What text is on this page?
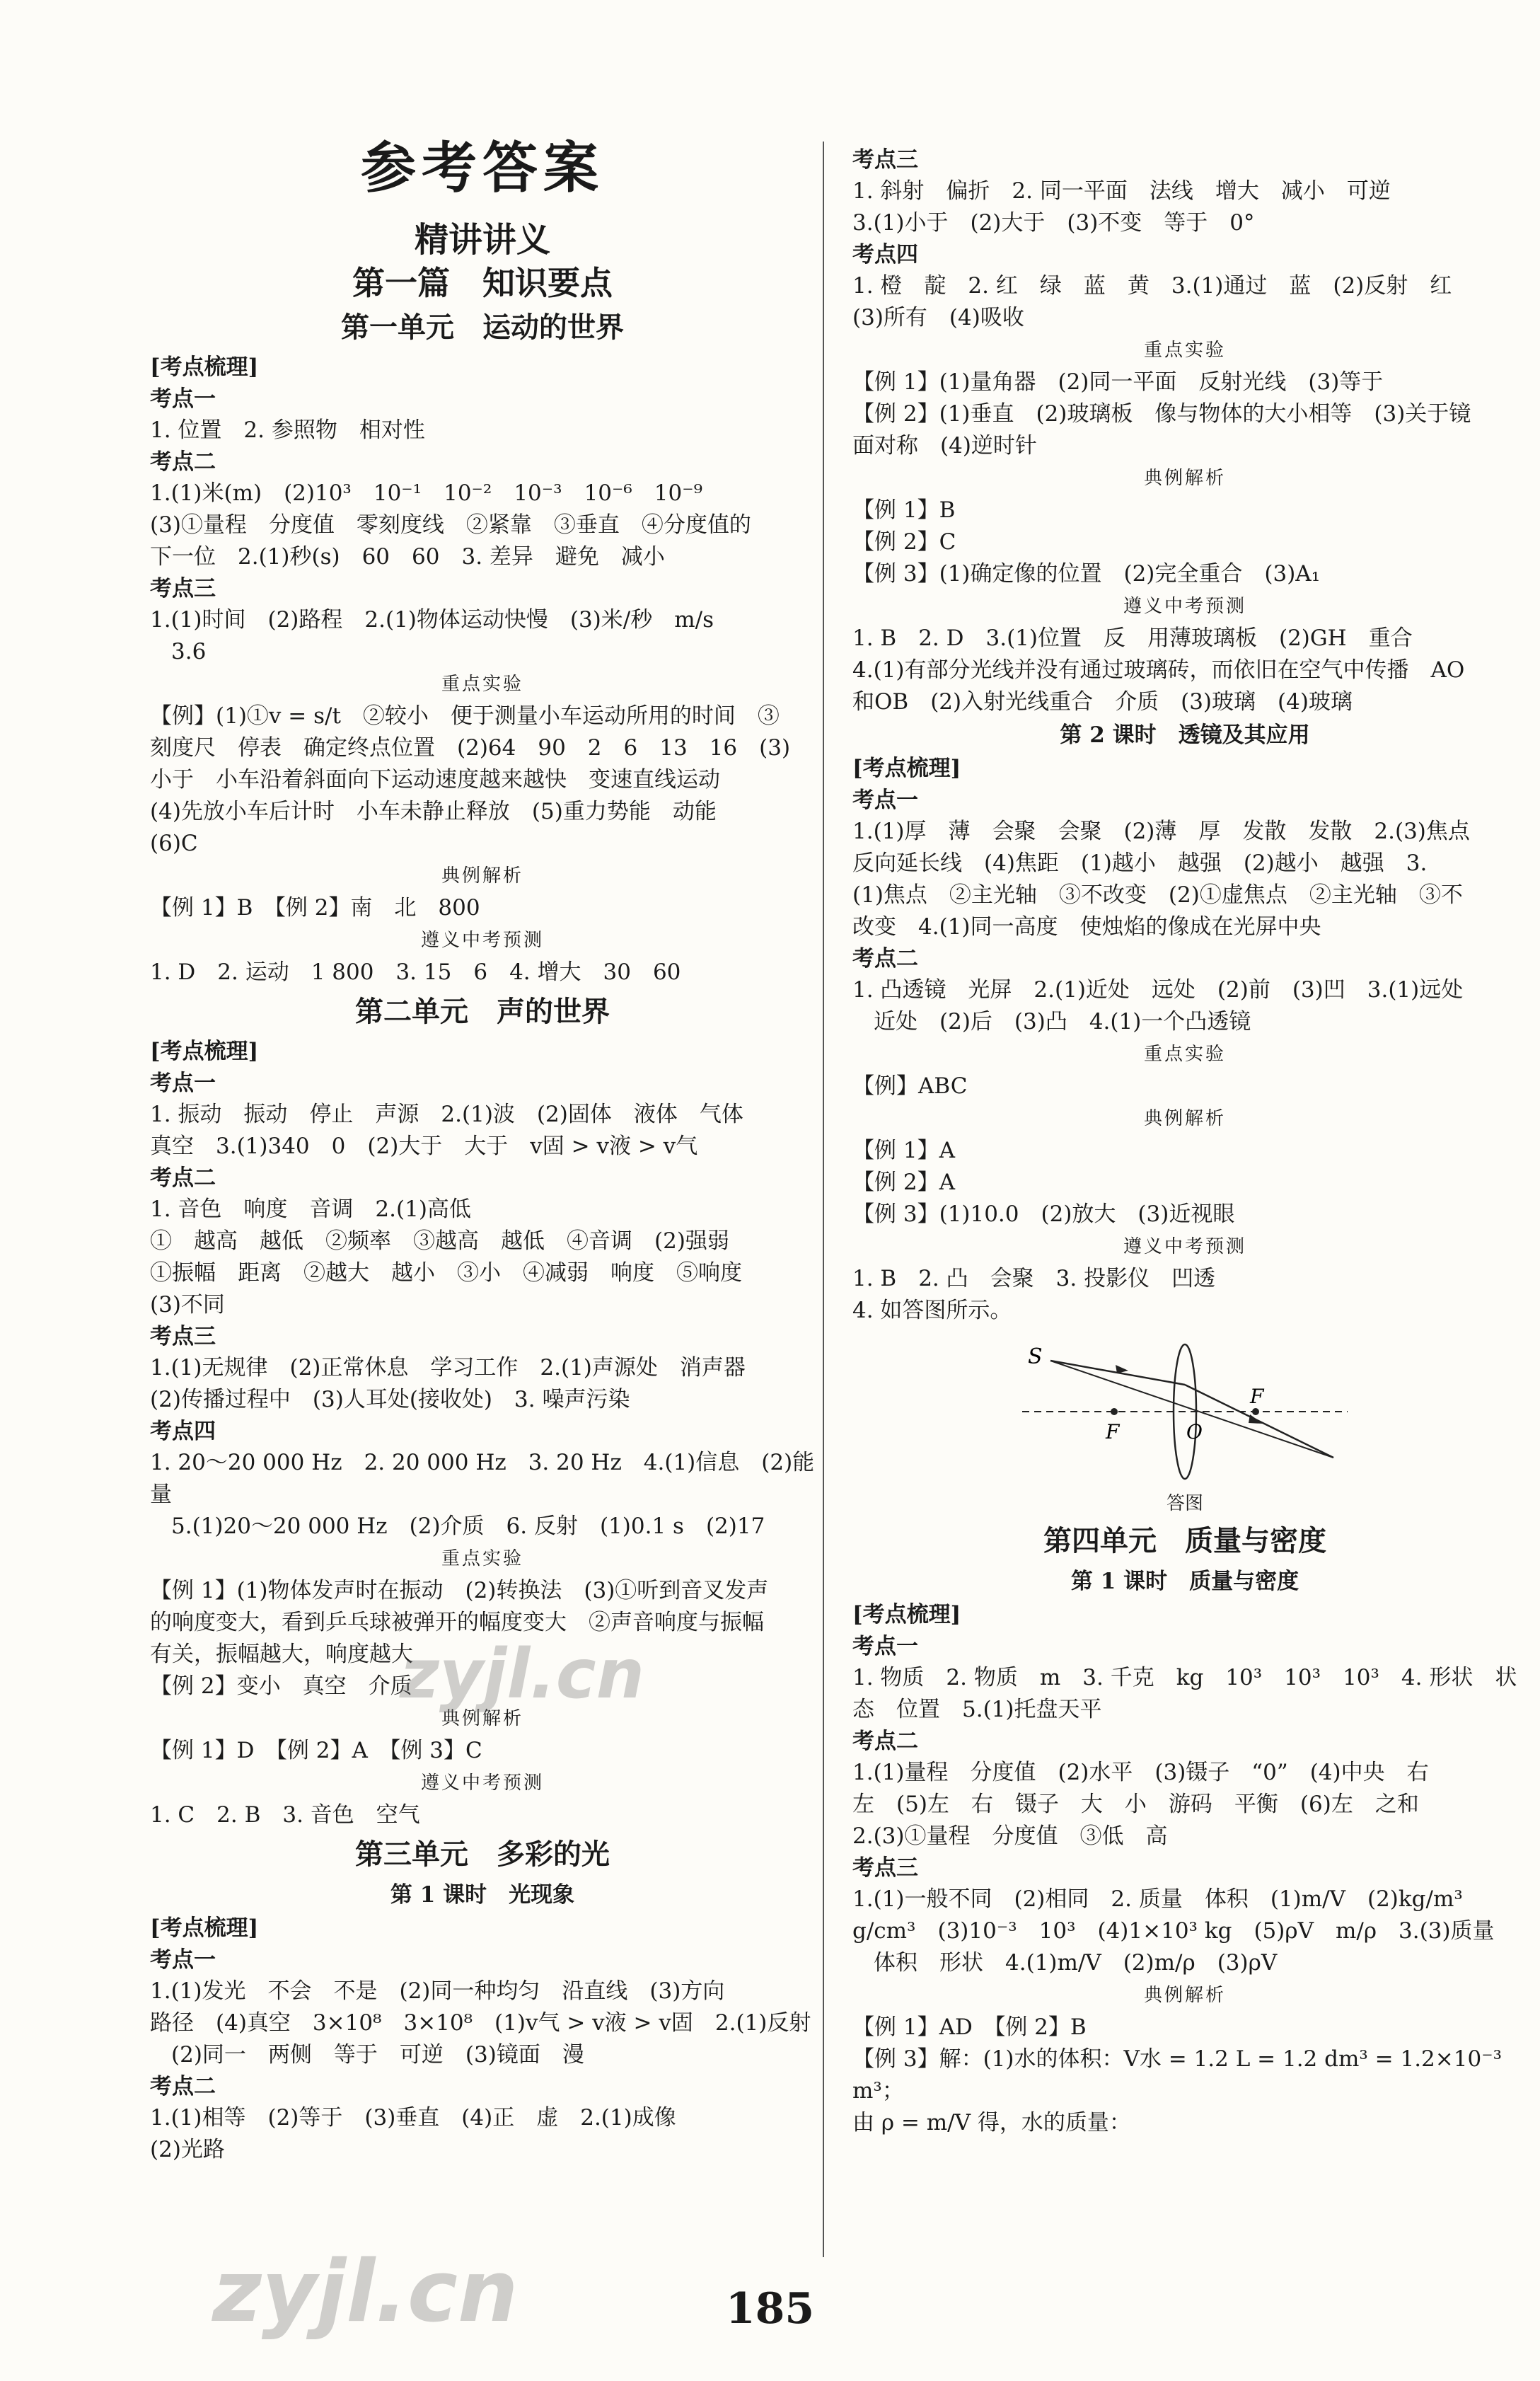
参考答案
精讲讲义
第一篇　知识要点
第一单元　运动的世界
[考点梳理]
考点一
1. 位置　2. 参照物　相对性
考点二
1.(1)米(m)　(2)10³　10⁻¹　10⁻²　10⁻³　10⁻⁶　10⁻⁹
(3)①量程　分度值　零刻度线　②紧靠　③垂直　④分度值的
下一位　2.(1)秒(s)　60　60　3. 差异　避免　减小
考点三
1.(1)时间　(2)路程　2.(1)物体运动快慢　(3)米/秒　m/s
3.6
重点实验
【例】(1)①v = s/t　②较小　便于测量小车运动所用的时间　③
刻度尺　停表　确定终点位置　(2)64　90　2　6　13　16　(3)
小于　小车沿着斜面向下运动速度越来越快　变速直线运动
(4)先放小车后计时　小车未静止释放　(5)重力势能　动能
(6)C
典例解析
【例 1】B　【例 2】南　北　800
遵义中考预测
1. D　2. 运动　1 800　3. 15　6　4. 增大　30　60
第二单元　声的世界
[考点梳理]
考点一
1. 振动　振动　停止　声源　2.(1)波　(2)固体　液体　气体
真空　3.(1)340　0　(2)大于　大于　v固 > v液 > v气
考点二
1. 音色　响度　音调　2.(1)高低
①　越高　越低　②频率　③越高　越低　④音调　(2)强弱
①振幅　距离　②越大　越小　③小　④减弱　响度　⑤响度
(3)不同
考点三
1.(1)无规律　(2)正常休息　学习工作　2.(1)声源处　消声器
(2)传播过程中　(3)人耳处(接收处)　3. 噪声污染
考点四
1. 20～20 000 Hz　2. 20 000 Hz　3. 20 Hz　4.(1)信息　(2)能量
5.(1)20～20 000 Hz　(2)介质　6. 反射　(1)0.1 s　(2)17
重点实验
【例 1】(1)物体发声时在振动　(2)转换法　(3)①听到音叉发声
的响度变大，看到乒乓球被弹开的幅度变大　②声音响度与振幅
有关，振幅越大，响度越大
【例 2】变小　真空　介质
典例解析
【例 1】D　【例 2】A　【例 3】C
遵义中考预测
1. C　2. B　3. 音色　空气
第三单元　多彩的光
第 1 课时　光现象
[考点梳理]
考点一
1.(1)发光　不会　不是　(2)同一种均匀　沿直线　(3)方向
路径　(4)真空　3×10⁸　3×10⁸　(1)v气 > v液 > v固　2.(1)反射
(2)同一　两侧　等于　可逆　(3)镜面　漫
考点二
1.(1)相等　(2)等于　(3)垂直　(4)正　虚　2.(1)成像
(2)光路
考点三
1. 斜射　偏折　2. 同一平面　法线　增大　减小　可逆
3.(1)小于　(2)大于　(3)不变　等于　0°
考点四
1. 橙　靛　2. 红　绿　蓝　黄　3.(1)通过　蓝　(2)反射　红
(3)所有　(4)吸收
重点实验
【例 1】(1)量角器　(2)同一平面　反射光线　(3)等于
【例 2】(1)垂直　(2)玻璃板　像与物体的大小相等　(3)关于镜
面对称　(4)逆时针
典例解析
【例 1】B
【例 2】C
【例 3】(1)确定像的位置　(2)完全重合　(3)A₁
遵义中考预测
1. B　2. D　3.(1)位置　反　用薄玻璃板　(2)GH　重合
4.(1)有部分光线并没有通过玻璃砖，而依旧在空气中传播　AO
和OB　(2)入射光线重合　介质　(3)玻璃　(4)玻璃
第 2 课时　透镜及其应用
[考点梳理]
考点一
1.(1)厚　薄　会聚　会聚　(2)薄　厚　发散　发散　2.(3)焦点
反向延长线　(4)焦距　(1)越小　越强　(2)越小　越强　3.
(1)焦点　②主光轴　③不改变　(2)①虚焦点　②主光轴　③不
改变　4.(1)同一高度　使烛焰的像成在光屏中央
考点二
1. 凸透镜　光屏　2.(1)近处　远处　(2)前　(3)凹　3.(1)远处
近处　(2)后　(3)凸　4.(1)一个凸透镜
重点实验
【例】ABC
典例解析
【例 1】A
【例 2】A
【例 3】(1)10.0　(2)放大　(3)近视眼
遵义中考预测
1. B　2. 凸　会聚　3. 投影仪　凹透
4. 如答图所示。
S
F	O
F
答图
第四单元　质量与密度
第 1 课时　质量与密度
[考点梳理]
考点一
1. 物质　2. 物质　m　3. 千克　kg　10³　10³　10³　4. 形状　状
态　位置　5.(1)托盘天平
考点二
1.(1)量程　分度值　(2)水平　(3)镊子　“0”　(4)中央　右
左　(5)左　右　镊子　大　小　游码　平衡　(6)左　之和
2.(3)①量程　分度值　③低　高
考点三
1.(1)一般不同　(2)相同　2. 质量　体积　(1)m/V　(2)kg/m³
g/cm³　(3)10⁻³　10³　(4)1×10³ kg　(5)ρV　m/ρ　3.(3)质量
体积　形状　4.(1)m/V　(2)m/ρ　(3)ρV
典例解析
【例 1】AD　【例 2】B
【例 3】解：(1)水的体积：V水 = 1.2 L = 1.2 dm³ = 1.2×10⁻³ m³；
由 ρ = m/V 得，水的质量：
185
zyjl.cn
zyjl.cn
